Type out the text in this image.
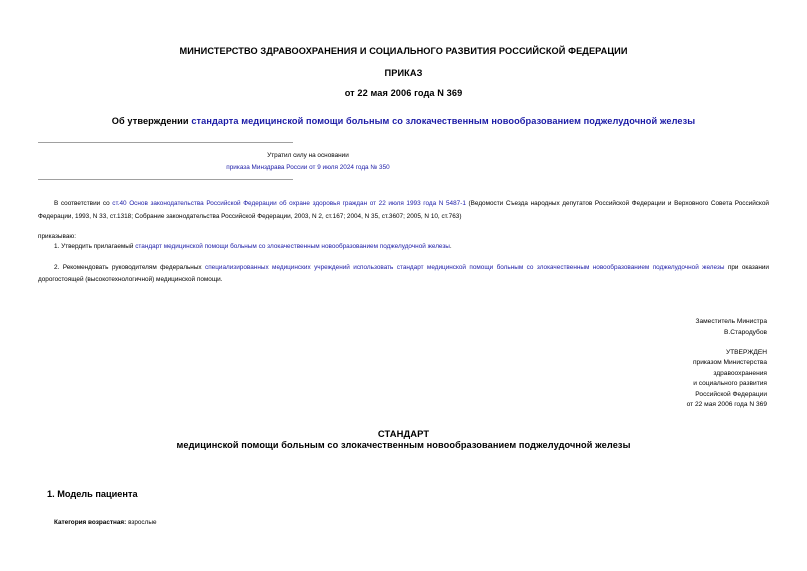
МИНИСТЕРСТВО ЗДРАВООХРАНЕНИЯ И СОЦИАЛЬНОГО РАЗВИТИЯ РОССИЙСКОЙ ФЕДЕРАЦИИ
ПРИКАЗ
от 22 мая 2006 года N 369
Об утверждении стандарта медицинской помощи больным со злокачественным новообразованием поджелудочной железы
Утратил силу на основании
приказа Минздрава России от 9 июля 2024 года № 350
В соответствии со ст.40 Основ законодательства Российской Федерации об охране здоровья граждан от 22 июля 1993 года N 5487-1 (Ведомости Съезда народных депутатов Российской Федерации и Верховного Совета Российской Федерации, 1993, N 33, ст.1318; Собрание законодательства Российской Федерации, 2003, N 2, ст.167; 2004, N 35, ст.3607; 2005, N 10, ст.763)
приказываю:
1. Утвердить прилагаемый стандарт медицинской помощи больным со злокачественным новообразованием поджелудочной железы.
2. Рекомендовать руководителям федеральных специализированных медицинских учреждений использовать стандарт медицинской помощи больным со злокачественным новообразованием поджелудочной железы при оказании дорогостоящей (высокотехнологичной) медицинской помощи.
Заместитель Министра
В.Стародубов
УТВЕРЖДЕН
приказом Министерства
здравоохранения
и социального развития
Российской Федерации
от 22 мая 2006 года N 369
СТАНДАРТ
медицинской помощи больным со злокачественным новообразованием поджелудочной железы
1. Модель пациента
Категория возрастная: взрослые
